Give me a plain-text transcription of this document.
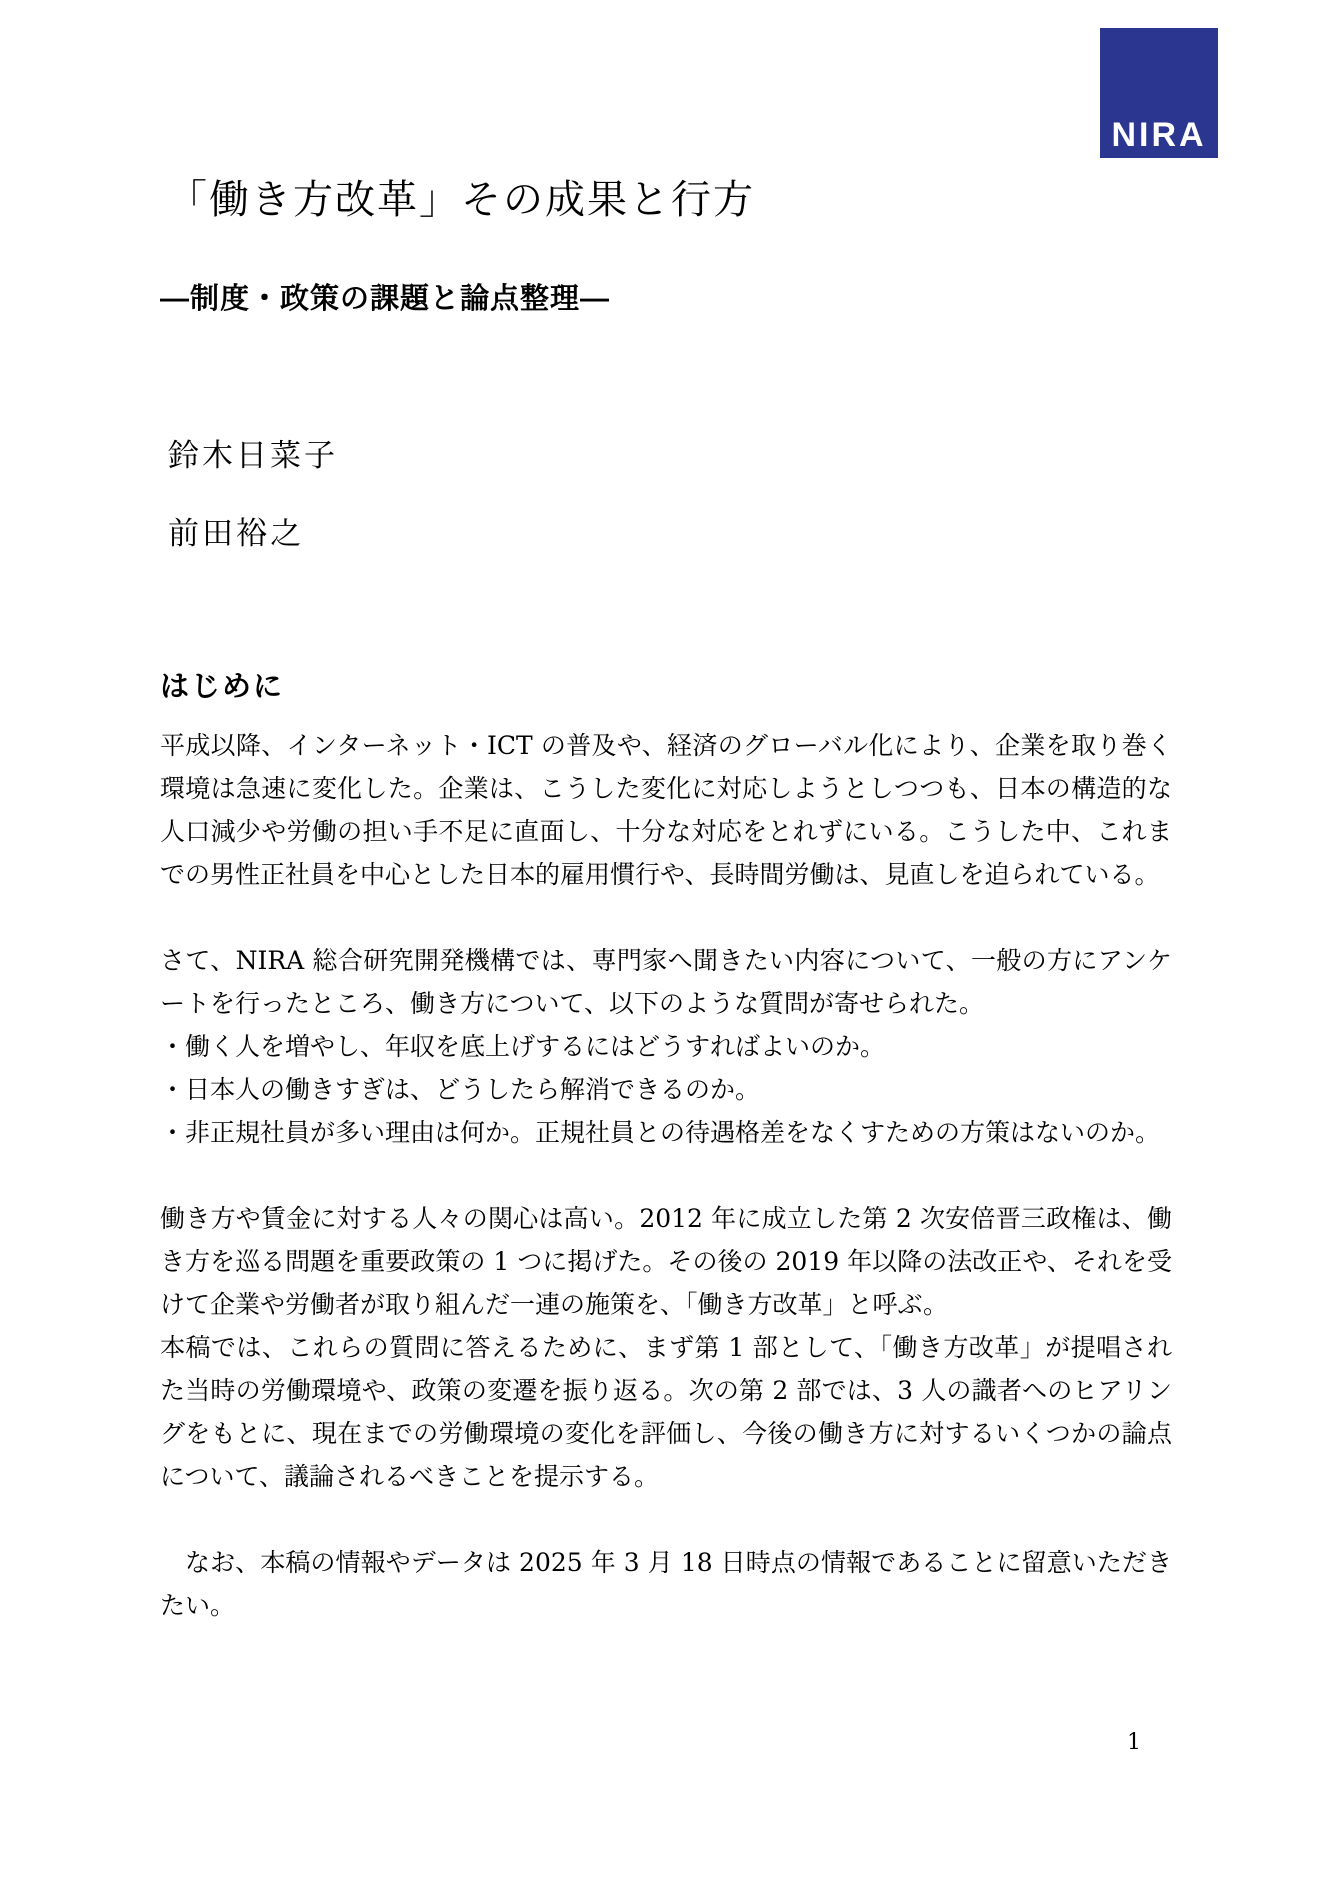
NIRA
「働き方改革」その成果と行方
―制度・政策の課題と論点整理―
鈴木日菜子
前田裕之
はじめに

平成以降、インターネット・ICT の普及や、経済のグローバル化により、企業を取り巻く環境は急速に変化した。企業は、こうした変化に対応しようとしつつも、日本の構造的な人口減少や労働の担い手不足に直面し、十分な対応をとれずにいる。こうした中、これまでの男性正社員を中心とした日本的雇用慣行や、長時間労働は、見直しを迫られている。

さて、NIRA 総合研究開発機構では、専門家へ聞きたい内容について、一般の方にアンケートを行ったところ、働き方について、以下のような質問が寄せられた。

・働く人を増やし、年収を底上げするにはどうすればよいのか。

・日本人の働きすぎは、どうしたら解消できるのか。

・非正規社員が多い理由は何か。正規社員との待遇格差をなくすための方策はないのか。

働き方や賃金に対する人々の関心は高い。2012 年に成立した第 2 次安倍晋三政権は、働き方を巡る問題を重要政策の 1 つに掲げた。その後の 2019 年以降の法改正や、それを受けて企業や労働者が取り組んだ一連の施策を、「働き方改革」と呼ぶ。

本稿では、これらの質問に答えるために、まず第 1 部として、「働き方改革」が提唱された当時の労働環境や、政策の変遷を振り返る。次の第 2 部では、3 人の識者へのヒアリングをもとに、現在までの労働環境の変化を評価し、今後の働き方に対するいくつかの論点について、議論されるべきことを提示する。

なお、本稿の情報やデータは 2025 年 3 月 18 日時点の情報であることに留意いただきたい。

1
